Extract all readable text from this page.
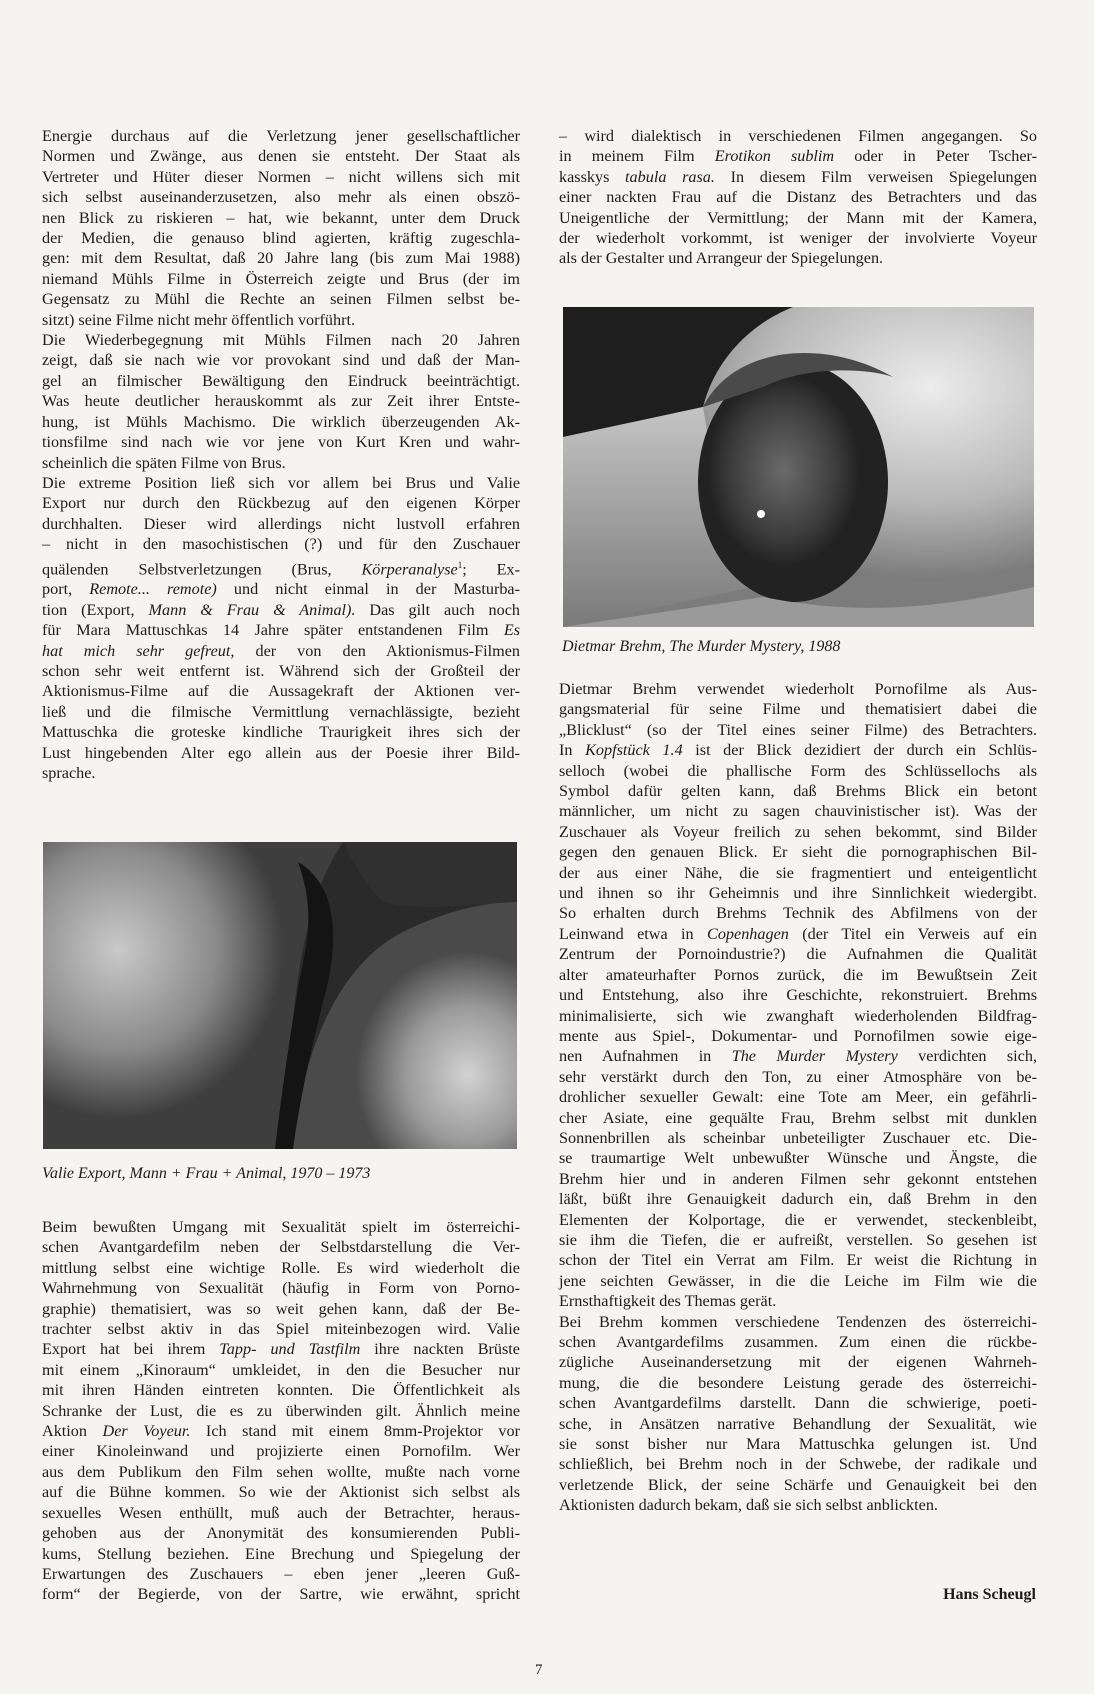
Energie durchaus auf die Verletzung jener gesellschaftlicher
Normen und Zwänge, aus denen sie entsteht. Der Staat als
Vertreter und Hüter dieser Normen – nicht willens sich mit
sich selbst auseinanderzusetzen, also mehr als einen obszö-
nen Blick zu riskieren – hat, wie bekannt, unter dem Druck
der Medien, die genauso blind agierten, kräftig zugeschla-
gen: mit dem Resultat, daß 20 Jahre lang (bis zum Mai 1988)
niemand Mühls Filme in Österreich zeigte und Brus (der im
Gegensatz zu Mühl die Rechte an seinen Filmen selbst be-
sitzt) seine Filme nicht mehr öffentlich vorführt.

Die Wiederbegegnung mit Mühls Filmen nach 20 Jahren
zeigt, daß sie nach wie vor provokant sind und daß der Man-
gel an filmischer Bewältigung den Eindruck beeinträchtigt.
Was heute deutlicher herauskommt als zur Zeit ihrer Entste-
hung, ist Mühls Machismo. Die wirklich überzeugenden Ak-
tionsfilme sind nach wie vor jene von Kurt Kren und wahr-
scheinlich die späten Filme von Brus.

Die extreme Position ließ sich vor allem bei Brus und Valie
Export nur durch den Rückbezug auf den eigenen Körper
durchhalten. Dieser wird allerdings nicht lustvoll erfahren
– nicht in den masochistischen (?) und für den Zuschauer
quälenden Selbstverletzungen (Brus, Körperanalyse$^1$; Ex-
port, Remote... remote) und nicht einmal in der Masturba-
tion (Export, Mann & Frau & Animal). Das gilt auch noch
für Mara Mattuschkas 14 Jahre später entstandenen Film Es
hat mich sehr gefreut, der von den Aktionismus-Filmen
schon sehr weit entfernt ist. Während sich der Großteil der
Aktionismus-Filme auf die Aussagekraft der Aktionen ver-
ließ und die filmische Vermittlung vernachlässigte, bezieht
Mattuschka die groteske kindliche Traurigkeit ihres sich der
Lust hingebenden Alter ego allein aus der Poesie ihrer Bild-
sprache.

Valie Export, Mann + Frau + Animal, 1970 – 1973

Beim bewußten Umgang mit Sexualität spielt im österreichi-
schen Avantgardefilm neben der Selbstdarstellung die Ver-
mittlung selbst eine wichtige Rolle. Es wird wiederholt die
Wahrnehmung von Sexualität (häufig in Form von Porno-
graphie) thematisiert, was so weit gehen kann, daß der Be-
trachter selbst aktiv in das Spiel miteinbezogen wird. Valie
Export hat bei ihrem Tapp- und Tastfilm ihre nackten Brüste
mit einem „Kinoraum“ umkleidet, in den die Besucher nur
mit ihren Händen eintreten konnten. Die Öffentlichkeit als
Schranke der Lust, die es zu überwinden gilt. Ähnlich meine
Aktion Der Voyeur. Ich stand mit einem 8mm-Projektor vor
einer Kinoleinwand und projizierte einen Pornofilm. Wer
aus dem Publikum den Film sehen wollte, mußte nach vorne
auf die Bühne kommen. So wie der Aktionist sich selbst als
sexuelles Wesen enthüllt, muß auch der Betrachter, heraus-
gehoben aus der Anonymität des konsumierenden Publi-
kums, Stellung beziehen. Eine Brechung und Spiegelung der
Erwartungen des Zuschauers – eben jener „leeren Guß-
form“ der Begierde, von der Sartre, wie erwähnt, spricht

– wird dialektisch in verschiedenen Filmen angegangen. So
in meinem Film Erotikon sublim oder in Peter Tscher-
kasskys tabula rasa. In diesem Film verweisen Spiegelungen
einer nackten Frau auf die Distanz des Betrachters und das
Uneigentliche der Vermittlung; der Mann mit der Kamera,
der wiederholt vorkommt, ist weniger der involvierte Voyeur
als der Gestalter und Arrangeur der Spiegelungen.

Dietmar Brehm, The Murder Mystery, 1988

Dietmar Brehm verwendet wiederholt Pornofilme als Aus-
gangsmaterial für seine Filme und thematisiert dabei die
„Blicklust“ (so der Titel eines seiner Filme) des Betrachters.
In Kopfstück 1.4 ist der Blick dezidiert der durch ein Schlüs-
selloch (wobei die phallische Form des Schlüssellochs als
Symbol dafür gelten kann, daß Brehms Blick ein betont
männlicher, um nicht zu sagen chauvinistischer ist). Was der
Zuschauer als Voyeur freilich zu sehen bekommt, sind Bilder
gegen den genauen Blick. Er sieht die pornographischen Bil-
der aus einer Nähe, die sie fragmentiert und enteigentlicht
und ihnen so ihr Geheimnis und ihre Sinnlichkeit wiedergibt.
So erhalten durch Brehms Technik des Abfilmens von der
Leinwand etwa in Copenhagen (der Titel ein Verweis auf ein
Zentrum der Pornoindustrie?) die Aufnahmen die Qualität
alter amateurhafter Pornos zurück, die im Bewußtsein Zeit
und Entstehung, also ihre Geschichte, rekonstruiert. Brehms
minimalisierte, sich wie zwanghaft wiederholenden Bildfrag-
mente aus Spiel-, Dokumentar- und Pornofilmen sowie eige-
nen Aufnahmen in The Murder Mystery verdichten sich,
sehr verstärkt durch den Ton, zu einer Atmosphäre von be-
drohlicher sexueller Gewalt: eine Tote am Meer, ein gefährli-
cher Asiate, eine gequälte Frau, Brehm selbst mit dunklen
Sonnenbrillen als scheinbar unbeteiligter Zuschauer etc. Die-
se traumartige Welt unbewußter Wünsche und Ängste, die
Brehm hier und in anderen Filmen sehr gekonnt entstehen
läßt, büßt ihre Genauigkeit dadurch ein, daß Brehm in den
Elementen der Kolportage, die er verwendet, steckenbleibt,
sie ihm die Tiefen, die er aufreißt, verstellen. So gesehen ist
schon der Titel ein Verrat am Film. Er weist die Richtung in
jene seichten Gewässer, in die die Leiche im Film wie die
Ernsthaftigkeit des Themas gerät.

Bei Brehm kommen verschiedene Tendenzen des österreichi-
schen Avantgardefilms zusammen. Zum einen die rückbe-
zügliche Auseinandersetzung mit der eigenen Wahrneh-
mung, die die besondere Leistung gerade des österreichi-
schen Avantgardefilms darstellt. Dann die schwierige, poeti-
sche, in Ansätzen narrative Behandlung der Sexualität, wie
sie sonst bisher nur Mara Mattuschka gelungen ist. Und
schließlich, bei Brehm noch in der Schwebe, der radikale und
verletzende Blick, der seine Schärfe und Genauigkeit bei den
Aktionisten dadurch bekam, daß sie sich selbst anblickten.

Hans Scheugl
7
